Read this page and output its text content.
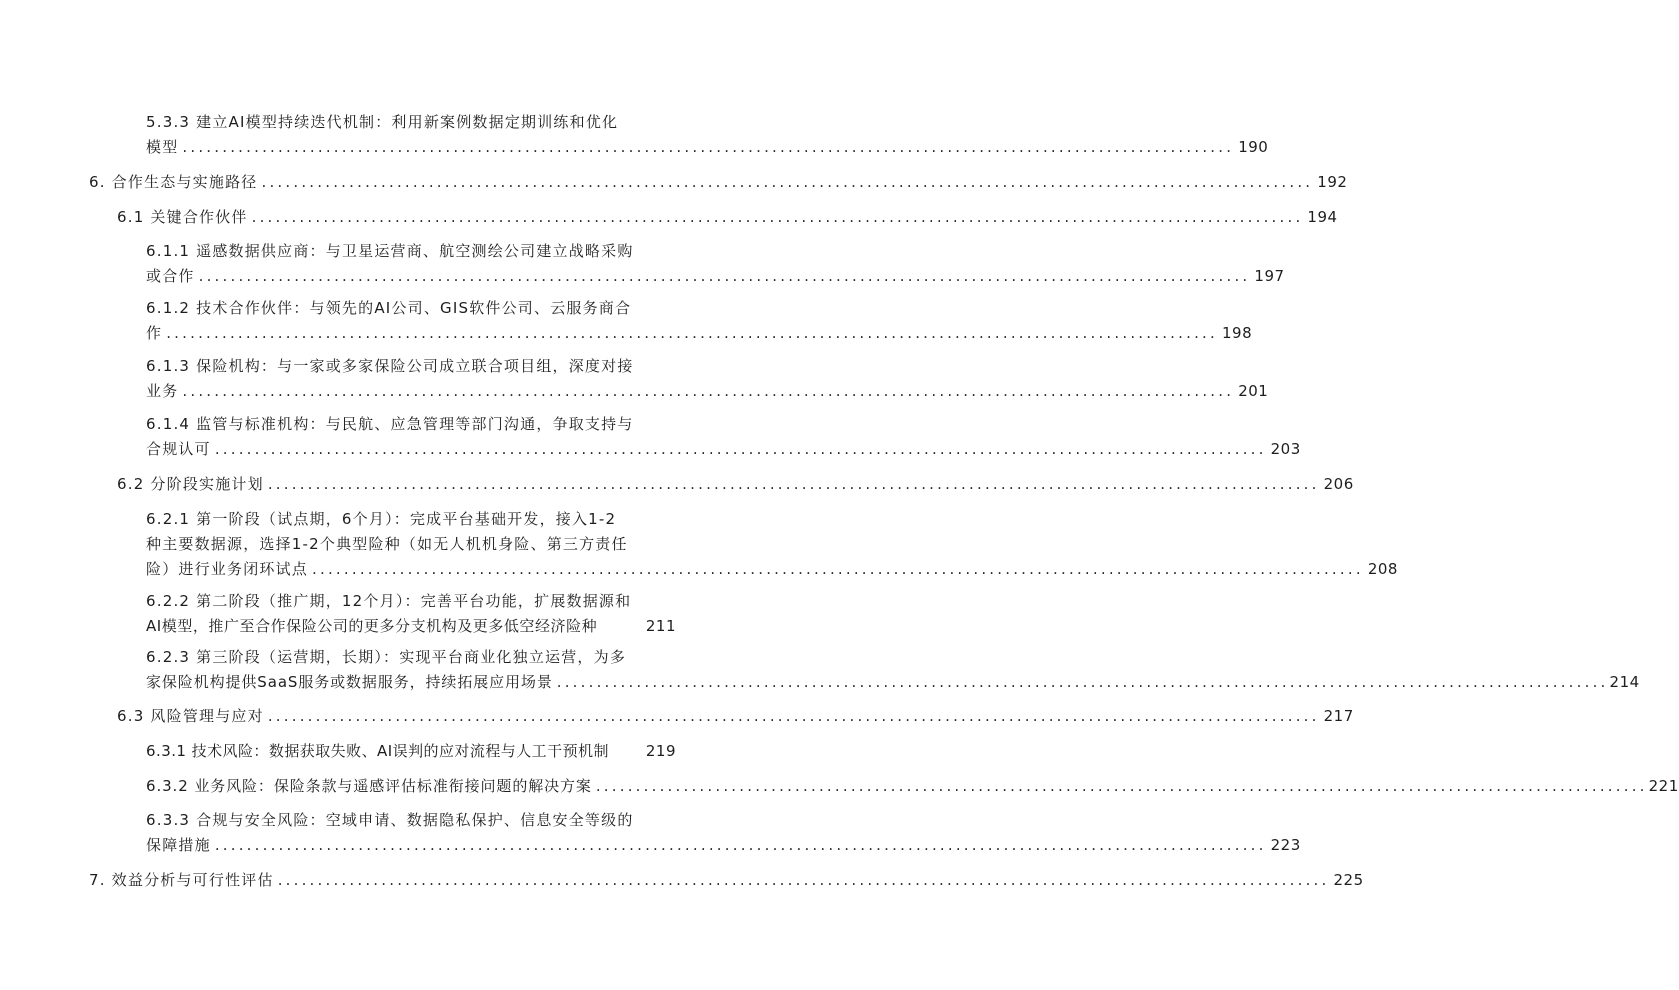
5.3.3 建立AI模型持续迭代机制：利用新案例数据定期训练和优化
模型 .................................................................................................................................... 190
6. 合作生态与实施路径 .................................................................................................................................... 192
6.1 关键合作伙伴 .................................................................................................................................... 194
6.1.1 遥感数据供应商：与卫星运营商、航空测绘公司建立战略采购
或合作 .................................................................................................................................... 197
6.1.2 技术合作伙伴：与领先的AI公司、GIS软件公司、云服务商合
作 .................................................................................................................................... 198
6.1.3 保险机构：与一家或多家保险公司成立联合项目组，深度对接
业务 .................................................................................................................................... 201
6.1.4 监管与标准机构：与民航、应急管理等部门沟通，争取支持与
合规认可 .................................................................................................................................... 203
6.2 分阶段实施计划 .................................................................................................................................... 206
6.2.1 第一阶段（试点期，6个月）：完成平台基础开发，接入1-2
种主要数据源，选择1-2个典型险种（如无人机机身险、第三方责任
险）进行业务闭环试点 .................................................................................................................................... 208
6.2.2 第二阶段（推广期，12个月）：完善平台功能，扩展数据源和
AI模型，推广至合作保险公司的更多分支机构及更多低空经济险种	211
6.2.3 第三阶段（运营期，长期）：实现平台商业化独立运营，为多
家保险机构提供SaaS服务或数据服务，持续拓展应用场景 .................................................................................................................................... 214
6.3 风险管理与应对 .................................................................................................................................... 217
6.3.1 技术风险：数据获取失败、AI误判的应对流程与人工干预机制 219
6.3.2 业务风险：保险条款与遥感评估标准衔接问题的解决方案 .................................................................................................................................... 221
6.3.3 合规与安全风险：空域申请、数据隐私保护、信息安全等级的
保障措施 .................................................................................................................................... 223
7. 效益分析与可行性评估 .................................................................................................................................... 225
